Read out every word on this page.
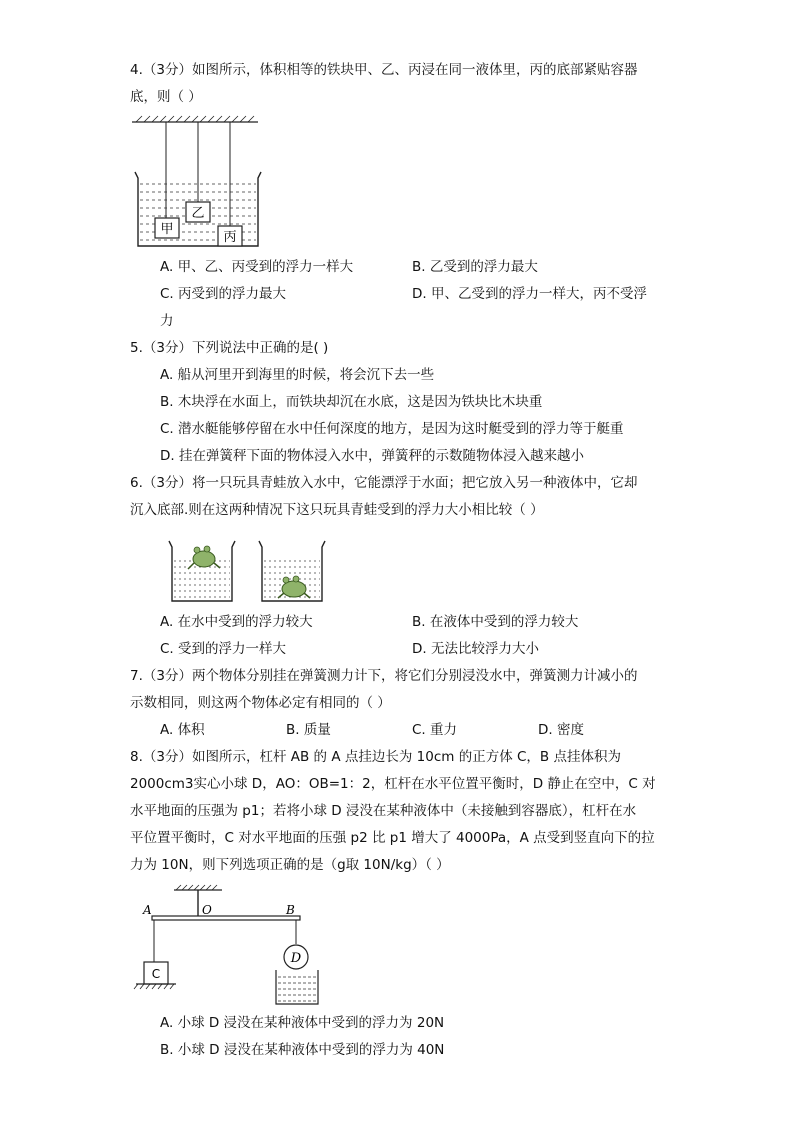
4.（3分）如图所示，体积相等的铁块甲、乙、丙浸在同一液体里，丙的底部紧贴容器
底，则（ ）
甲
乙
丙
A. 甲、乙、丙受到的浮力一样大	B. 乙受到的浮力最大
C. 丙受到的浮力最大	D. 甲、乙受到的浮力一样大，丙不受浮
力
5.（3分）下列说法中正确的是( )
A. 船从河里开到海里的时候，将会沉下去一些
B. 木块浮在水面上，而铁块却沉在水底，这是因为铁块比木块重
C. 潜水艇能够停留在水中任何深度的地方，是因为这时艇受到的浮力等于艇重
D. 挂在弹簧秤下面的物体浸入水中，弹簧秤的示数随物体浸入越来越小
6.（3分）将一只玩具青蛙放入水中，它能漂浮于水面；把它放入另一种液体中，它却
沉入底部.则在这两种情况下这只玩具青蛙受到的浮力大小相比较（ ）
A. 在水中受到的浮力较大	B. 在液体中受到的浮力较大
C. 受到的浮力一样大	D. 无法比较浮力大小
7.（3分）两个物体分别挂在弹簧测力计下，将它们分别浸没水中，弹簧测力计减小的
示数相同，则这两个物体必定有相同的（ ）
A. 体积	B. 质量	C. 重力	D. 密度
8.（3分）如图所示，杠杆 AB 的 A 点挂边长为 10cm 的正方体 C，B 点挂体积为
2000cm3实心小球 D，AO：OB=1：2，杠杆在水平位置平衡时，D 静止在空中，C 对
水平地面的压强为 p1；若将小球 D 浸没在某种液体中（未接触到容器底），杠杆在水
平位置平衡时，C 对水平地面的压强 p2 比 p1 增大了 4000Pa，A 点受到竖直向下的拉
力为 10N，则下列选项正确的是（g取 10N/kg）（ ）
A	O	B
C
D
A. 小球 D 浸没在某种液体中受到的浮力为 20N
B. 小球 D 浸没在某种液体中受到的浮力为 40N
